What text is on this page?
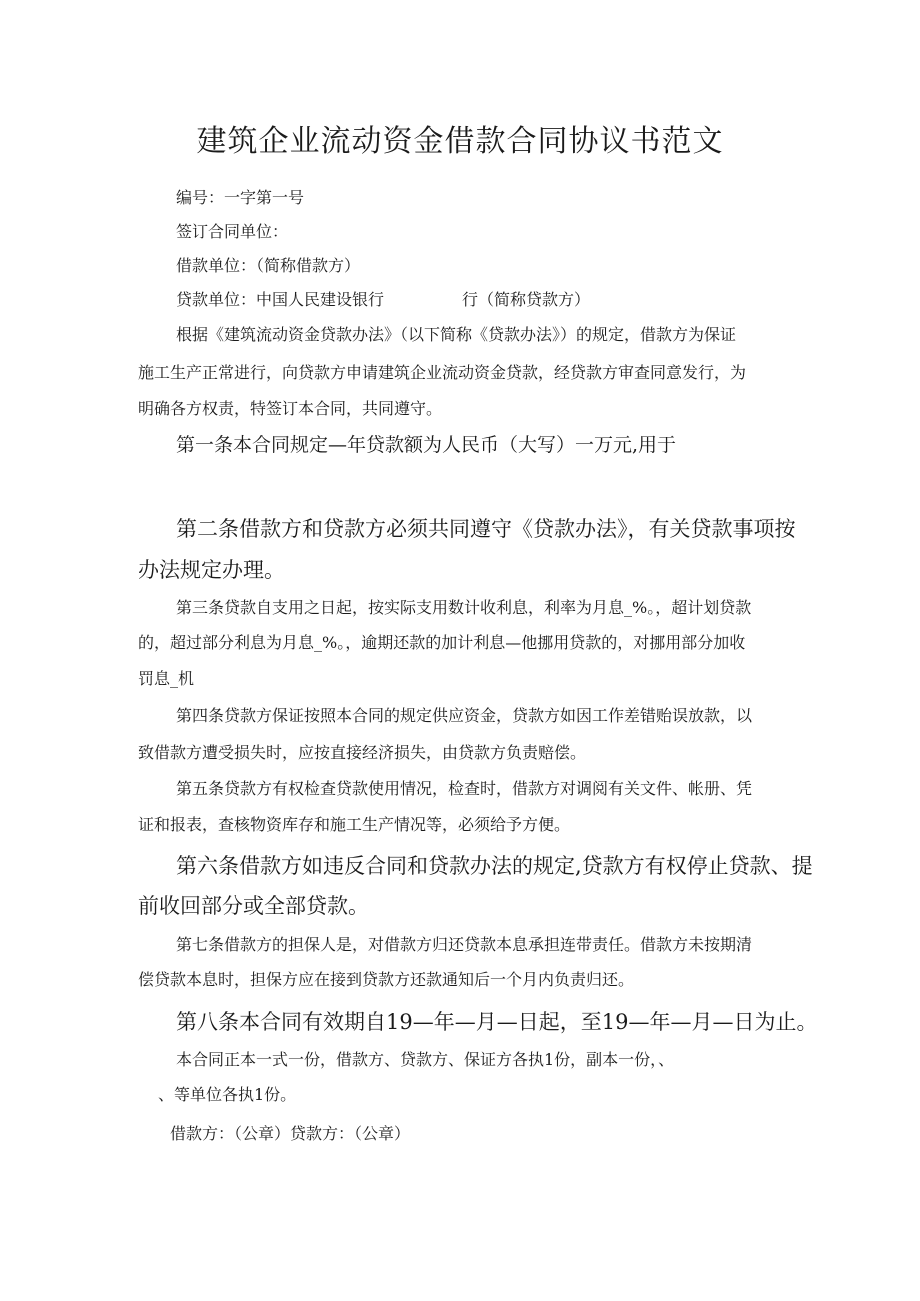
建筑企业流动资金借款合同协议书范文
编号：一字第一号
签订合同单位：
借款单位：（简称借款方）
贷款单位：中国人民建设银行	行（简称贷款方）
根据《建筑流动资金贷款办法》（以下简称《贷款办法》）的规定，借款方为保证
施工生产正常进行，向贷款方申请建筑企业流动资金贷款，经贷款方审查同意发行，为
明确各方权责，特签订本合同，共同遵守。
第一条本合同规定—年贷款额为人民币（大写）一万元,用于
第二条借款方和贷款方必须共同遵守《贷款办法》，有关贷款事项按
办法规定办理。
第三条贷款自支用之日起，按实际支用数计收利息，利率为月息_%。，超计划贷款
的，超过部分利息为月息_%。，逾期还款的加计利息—他挪用贷款的，对挪用部分加收
罚息_机
第四条贷款方保证按照本合同的规定供应资金，贷款方如因工作差错贻误放款，以
致借款方遭受损失时，应按直接经济损失，由贷款方负责赔偿。
第五条贷款方有权检查贷款使用情况，检查时，借款方对调阅有关文件、帐册、凭
证和报表，查核物资库存和施工生产情况等，必须给予方便。
第六条借款方如违反合同和贷款办法的规定,贷款方有权停止贷款、提
前收回部分或全部贷款。
第七条借款方的担保人是，对借款方归还贷款本息承担连带责任。借款方未按期清
偿贷款本息时，担保方应在接到贷款方还款通知后一个月内负责归还。
第八条本合同有效期自19—年—月—日起，至19—年—月—日为止。
本合同正本一式一份，借款方、贷款方、保证方各执1份，副本一份，、
、等单位各执1份。
借款方：（公章）贷款方：（公章）
